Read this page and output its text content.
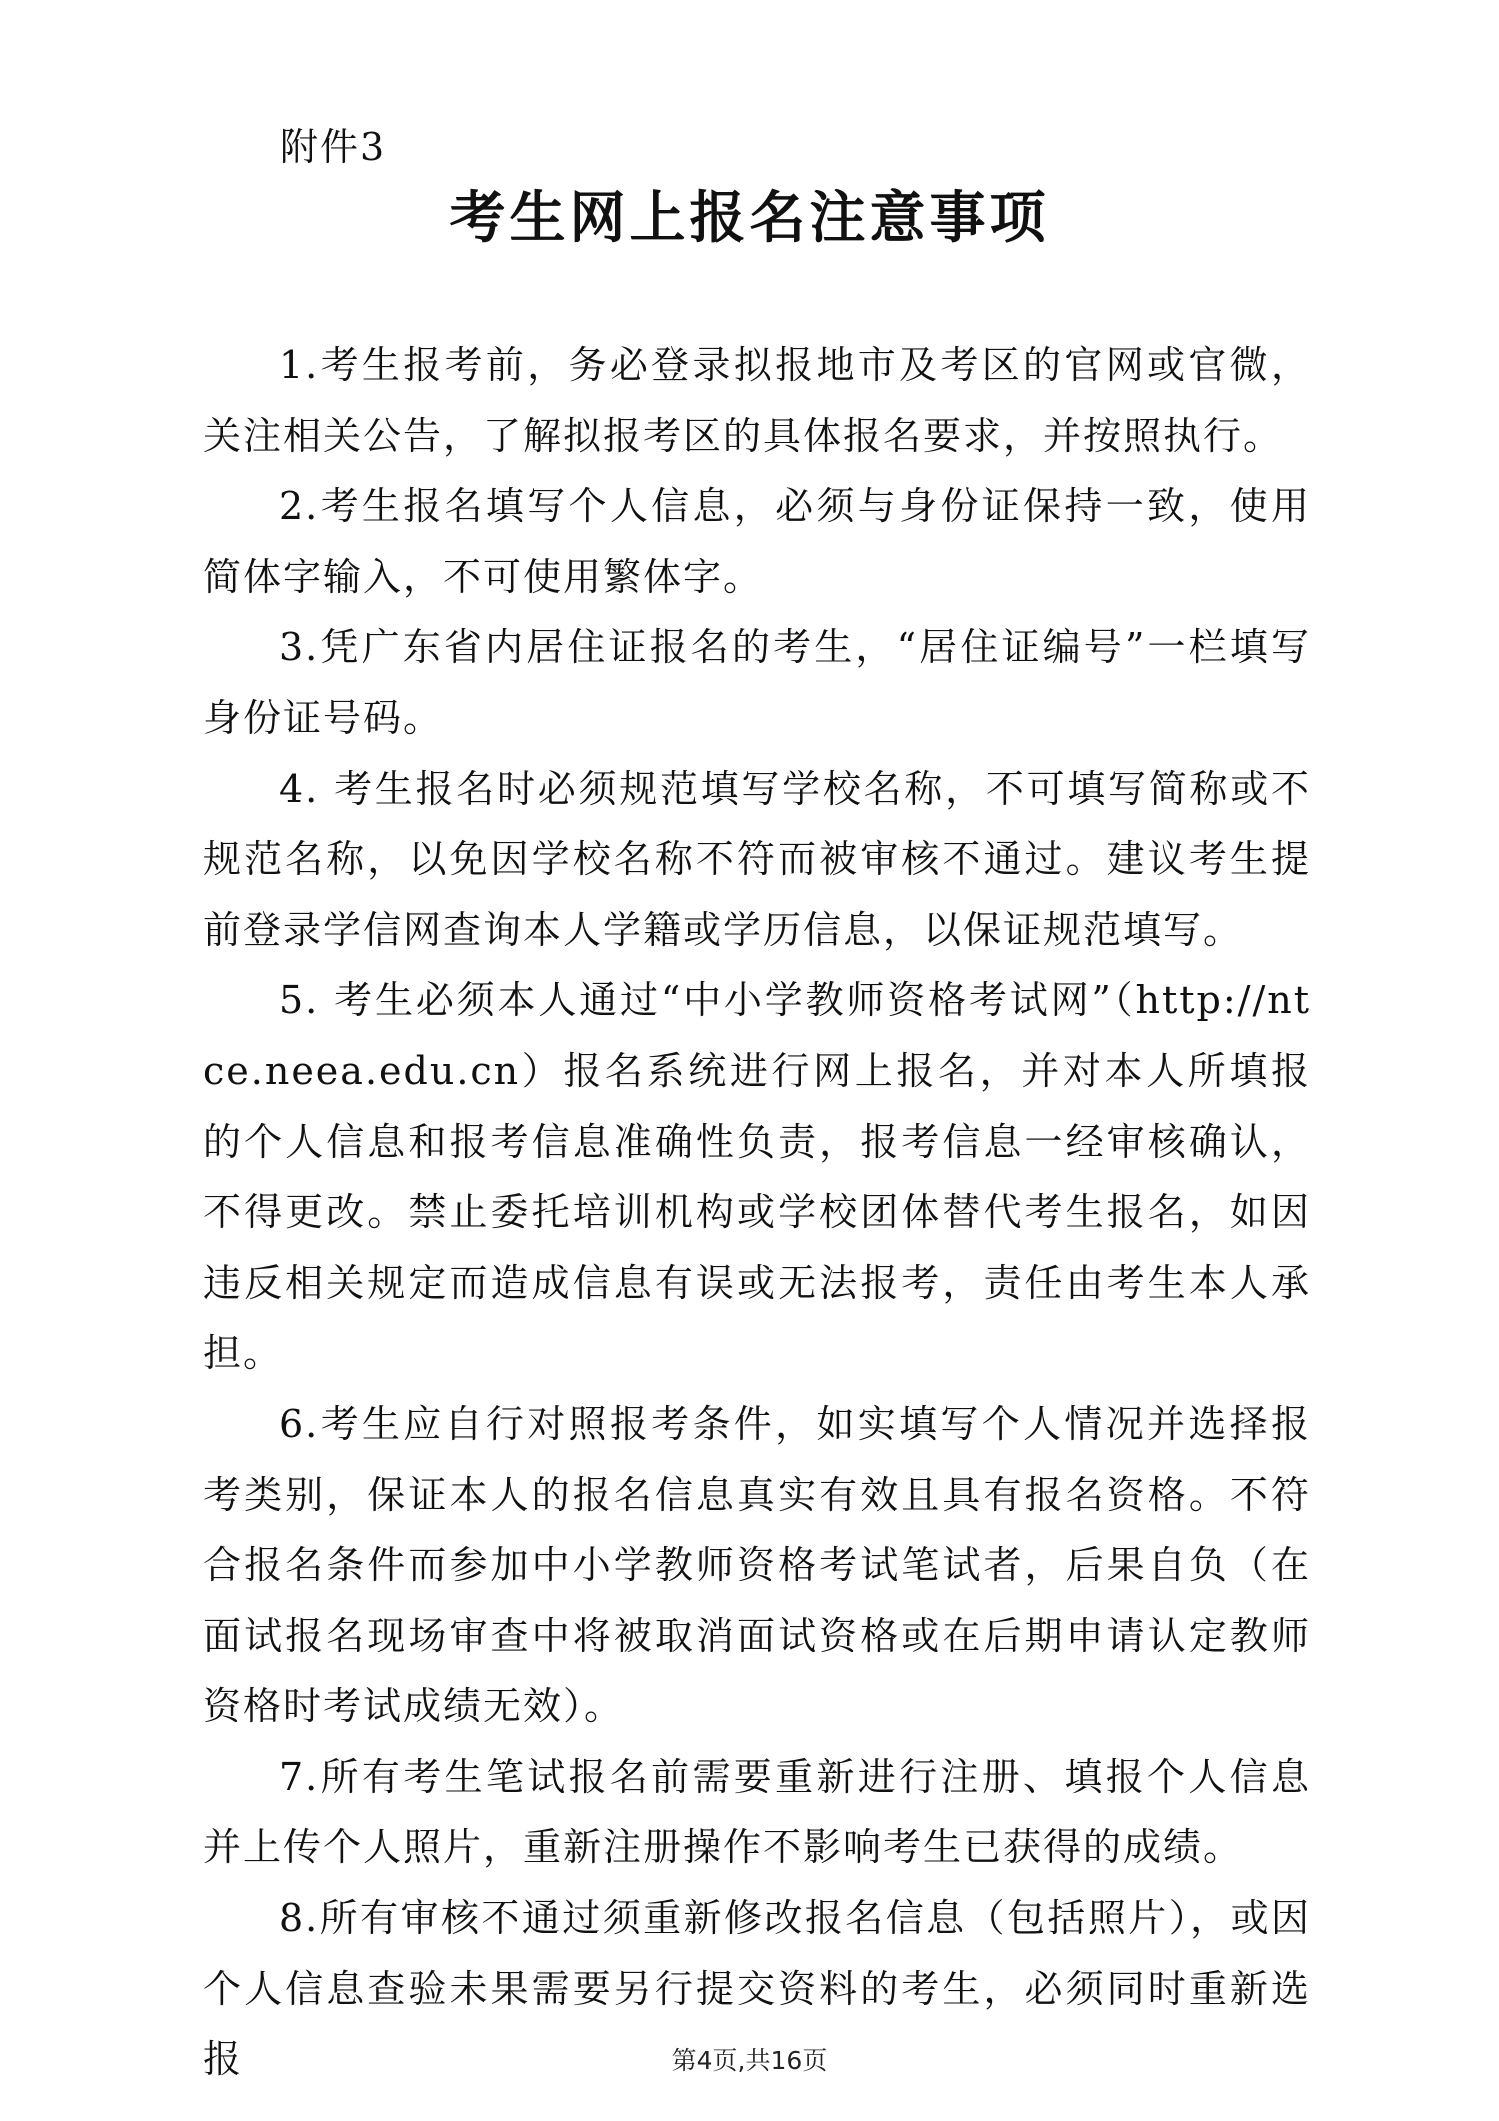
附件3
考生网上报名注意事项

1.考生报考前，务必登录拟报地市及考区的官网或官微，关注相关公告，了解拟报考区的具体报名要求，并按照执行。

2.考生报名填写个人信息，必须与身份证保持一致，使用简体字输入，不可使用繁体字。

3.凭广东省内居住证报名的考生，“居住证编号”一栏填写身份证号码。

4. 考生报名时必须规范填写学校名称，不可填写简称或不规范名称，以免因学校名称不符而被审核不通过。建议考生提前登录学信网查询本人学籍或学历信息，以保证规范填写。

5. 考生必须本人通过“中小学教师资格考试网”（http://ntce.neea.edu.cn）报名系统进行网上报名，并对本人所填报的个人信息和报考信息准确性负责，报考信息一经审核确认，不得更改。禁止委托培训机构或学校团体替代考生报名，如因违反相关规定而造成信息有误或无法报考，责任由考生本人承担。

6.考生应自行对照报考条件，如实填写个人情况并选择报考类别，保证本人的报名信息真实有效且具有报名资格。不符合报名条件而参加中小学教师资格考试笔试者，后果自负（在面试报名现场审查中将被取消面试资格或在后期申请认定教师资格时考试成绩无效）。

7.所有考生笔试报名前需要重新进行注册、填报个人信息并上传个人照片，重新注册操作不影响考生已获得的成绩。

8.所有审核不通过须重新修改报名信息（包括照片），或因个人信息查验未果需要另行提交资料的考生，必须同时重新选报	第4页,共16页
